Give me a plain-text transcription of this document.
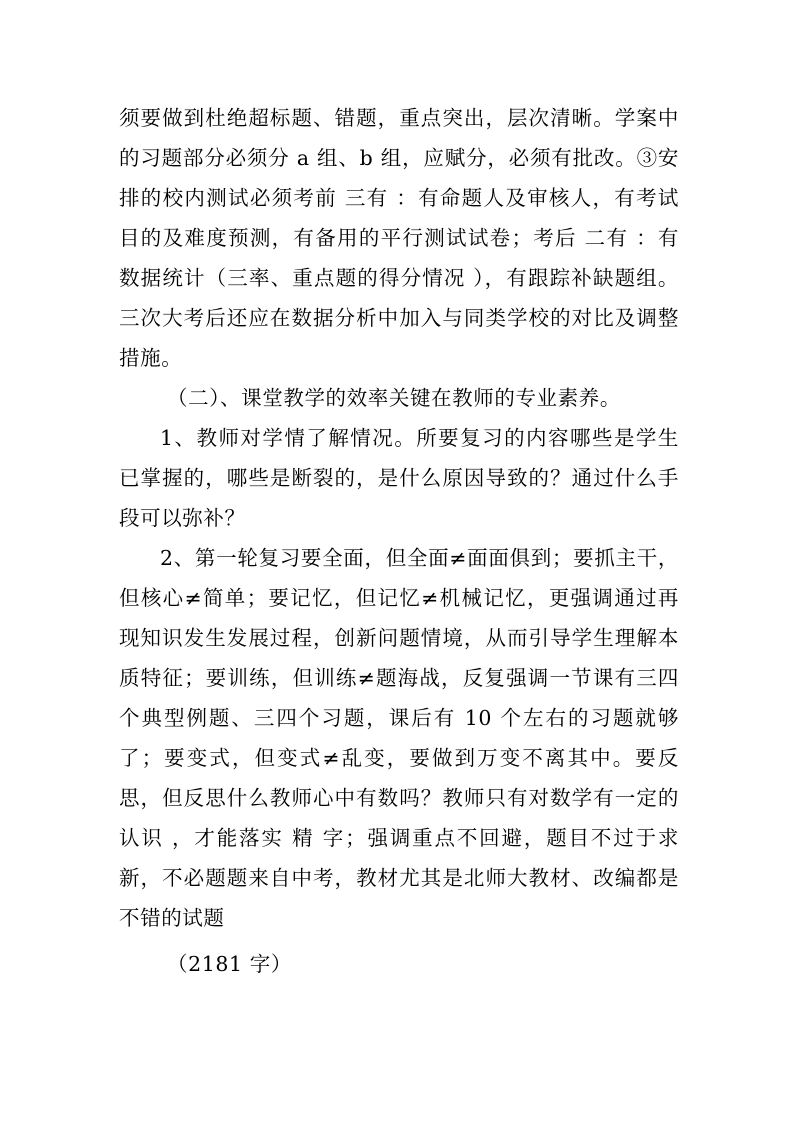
须要做到杜绝超标题、错题，重点突出，层次清晰。学案中的习题部分必须分 a 组、b 组，应赋分，必须有批改。③安排的校内测试必须考前 三有 ：有命题人及审核人，有考试目的及难度预测，有备用的平行测试试卷；考后 二有 ：有数据统计（三率、重点题的得分情况 ），有跟踪补缺题组。三次大考后还应在数据分析中加入与同类学校的对比及调整措施。

（二）、课堂教学的效率关键在教师的专业素养。

1、教师对学情了解情况。所要复习的内容哪些是学生已掌握的，哪些是断裂的，是什么原因导致的？通过什么手段可以弥补？

2、第一轮复习要全面，但全面≠面面俱到；要抓主干，但核心≠简单；要记忆，但记忆≠机械记忆，更强调通过再现知识发生发展过程，创新问题情境，从而引导学生理解本质特征；要训练，但训练≠题海战，反复强调一节课有三四个典型例题、三四个习题，课后有 10 个左右的习题就够了；要变式，但变式≠乱变，要做到万变不离其中。要反思，但反思什么教师心中有数吗？教师只有对数学有一定的认识 ，才能落实 精 字；强调重点不回避，题目不过于求新，不必题题来自中考，教材尤其是北师大教材、改编都是不错的试题

（2181 字）
